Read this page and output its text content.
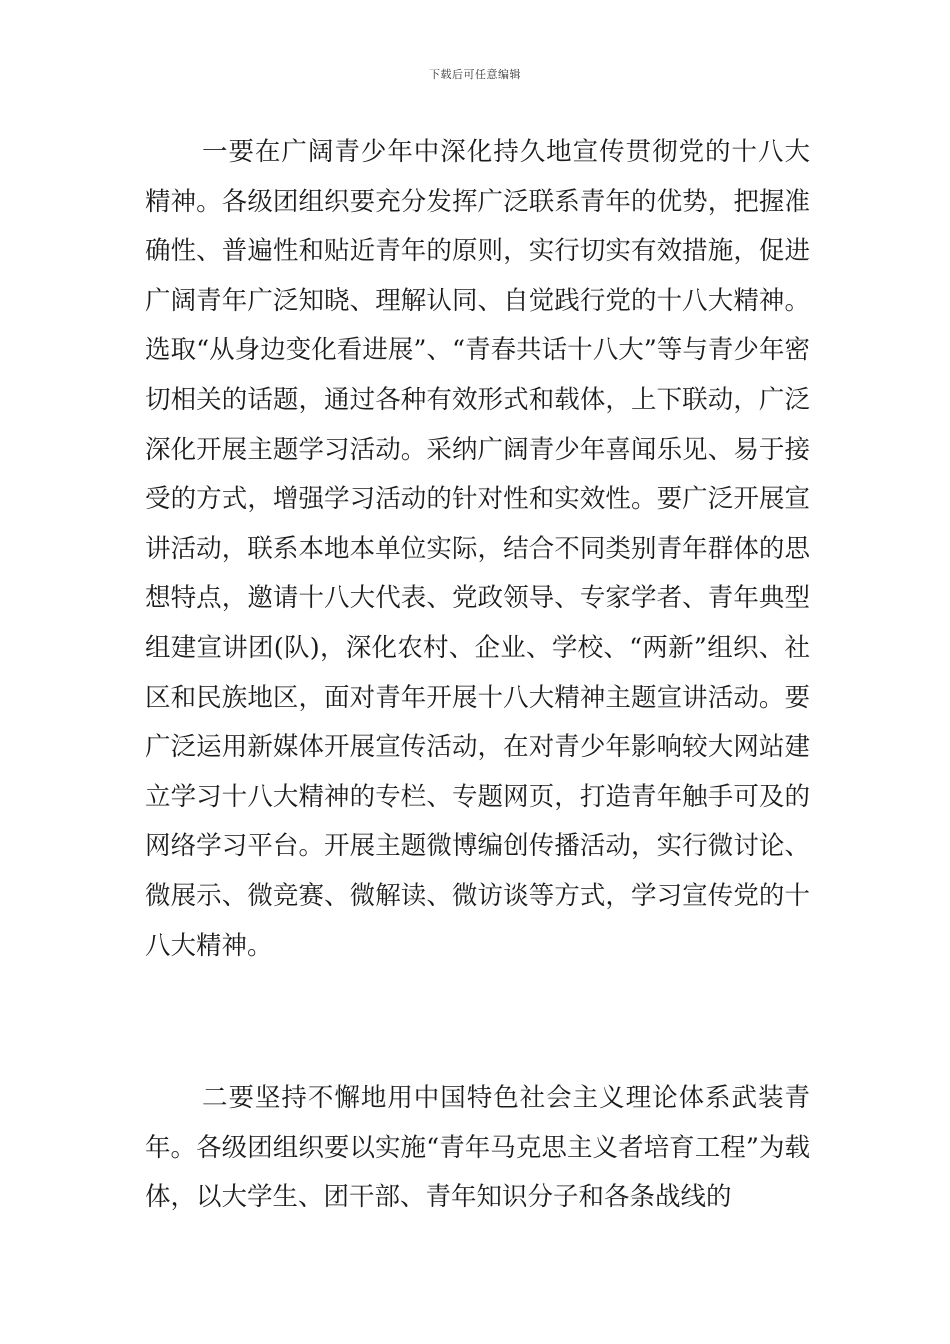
下载后可任意编辑

一要在广阔青少年中深化持久地宣传贯彻党的十八大精神。各级团组织要充分发挥广泛联系青年的优势，把握准确性、普遍性和贴近青年的原则，实行切实有效措施，促进广阔青年广泛知晓、理解认同、自觉践行党的十八大精神。选取“从身边变化看进展”、“青春共话十八大”等与青少年密切相关的话题，通过各种有效形式和载体，上下联动，广泛深化开展主题学习活动。采纳广阔青少年喜闻乐见、易于接受的方式，增强学习活动的针对性和实效性。要广泛开展宣讲活动，联系本地本单位实际，结合不同类别青年群体的思想特点，邀请十八大代表、党政领导、专家学者、青年典型组建宣讲团(队)，深化农村、企业、学校、“两新”组织、社区和民族地区，面对青年开展十八大精神主题宣讲活动。要广泛运用新媒体开展宣传活动，在对青少年影响较大网站建立学习十八大精神的专栏、专题网页，打造青年触手可及的网络学习平台。开展主题微博编创传播活动，实行微讨论、微展示、微竞赛、微解读、微访谈等方式，学习宣传党的十八大精神。

二要坚持不懈地用中国特色社会主义理论体系武装青年。各级团组织要以实施“青年马克思主义者培育工程”为载体，以大学生、团干部、青年知识分子和各条战线的
